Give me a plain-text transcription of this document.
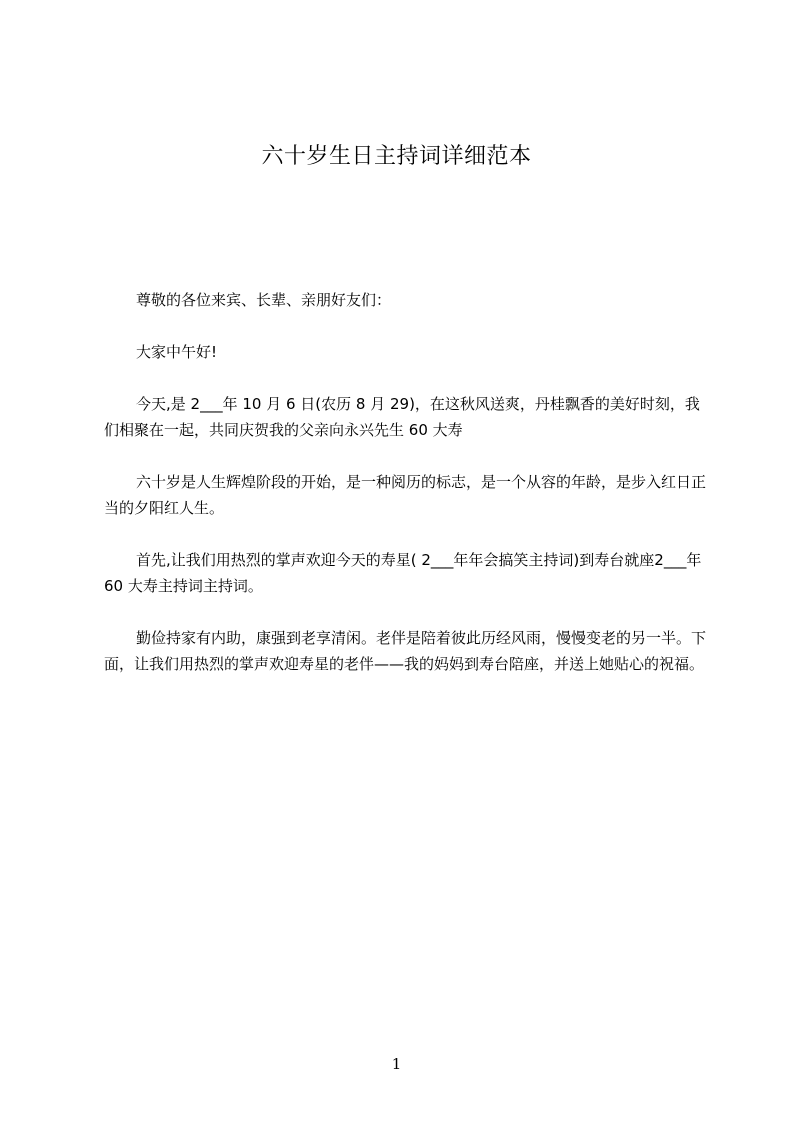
六十岁生日主持词详细范本

尊敬的各位来宾、长辈、亲朋好友们：

大家中午好!

今天,是 2___年 10 月 6 日(农历 8 月 29)，在这秋风送爽，丹桂飘香的美好时刻，我们相聚在一起，共同庆贺我的父亲向永兴先生 60 大寿

六十岁是人生辉煌阶段的开始，是一种阅历的标志，是一个从容的年龄，是步入红日正当的夕阳红人生。

首先,让我们用热烈的掌声欢迎今天的寿星( 2___年年会搞笑主持词)到寿台就座2___年 60 大寿主持词主持词。

勤俭持家有内助，康强到老享清闲。老伴是陪着彼此历经风雨，慢慢变老的另一半。下面，让我们用热烈的掌声欢迎寿星的老伴——我的妈妈到寿台陪座，并送上她贴心的祝福。

1
